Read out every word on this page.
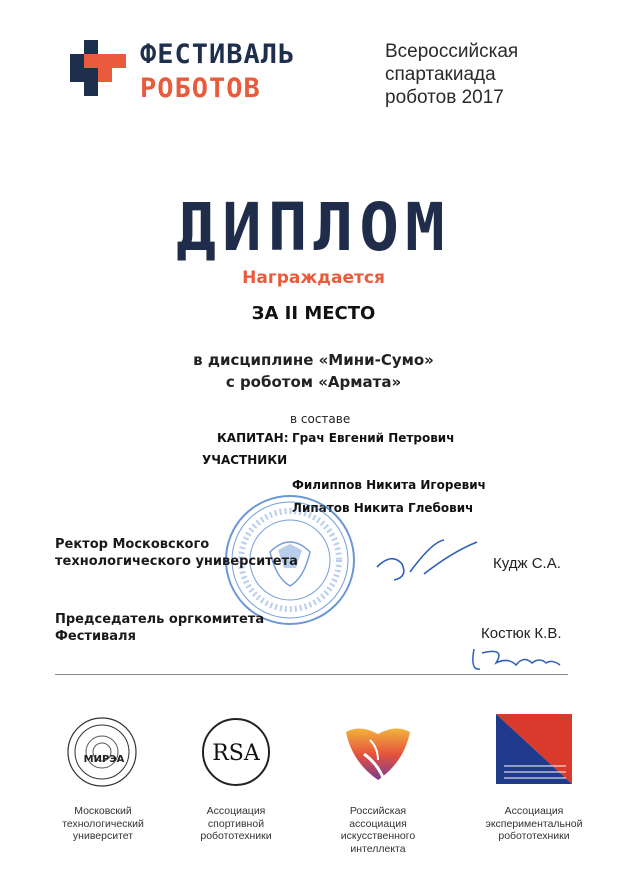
ФЕСТИВАЛЬ
РОБОТОВ
Всероссийская спартакиада роботов 2017
ДИПЛОМ
Награждается
ЗА II МЕСТО
в дисциплине «Мини-Сумо»
с роботом «Армата»
в составе
КАПИТАН: Грач Евгений Петрович
УЧАСТНИКИ
Филиппов Никита Игоревич
Липатов Никита Глебович
Ректор Московского
технологического университета	Кудж С.А.
Председатель оргкомитета
Фестиваля	Костюк К.В.
МИРЭА	RSA
Московский
технологический
университет
Ассоциация
спортивной
робототехники
Российская
ассоциация
искусственного
интеллекта
Ассоциация
экспериментальной
робототехники
